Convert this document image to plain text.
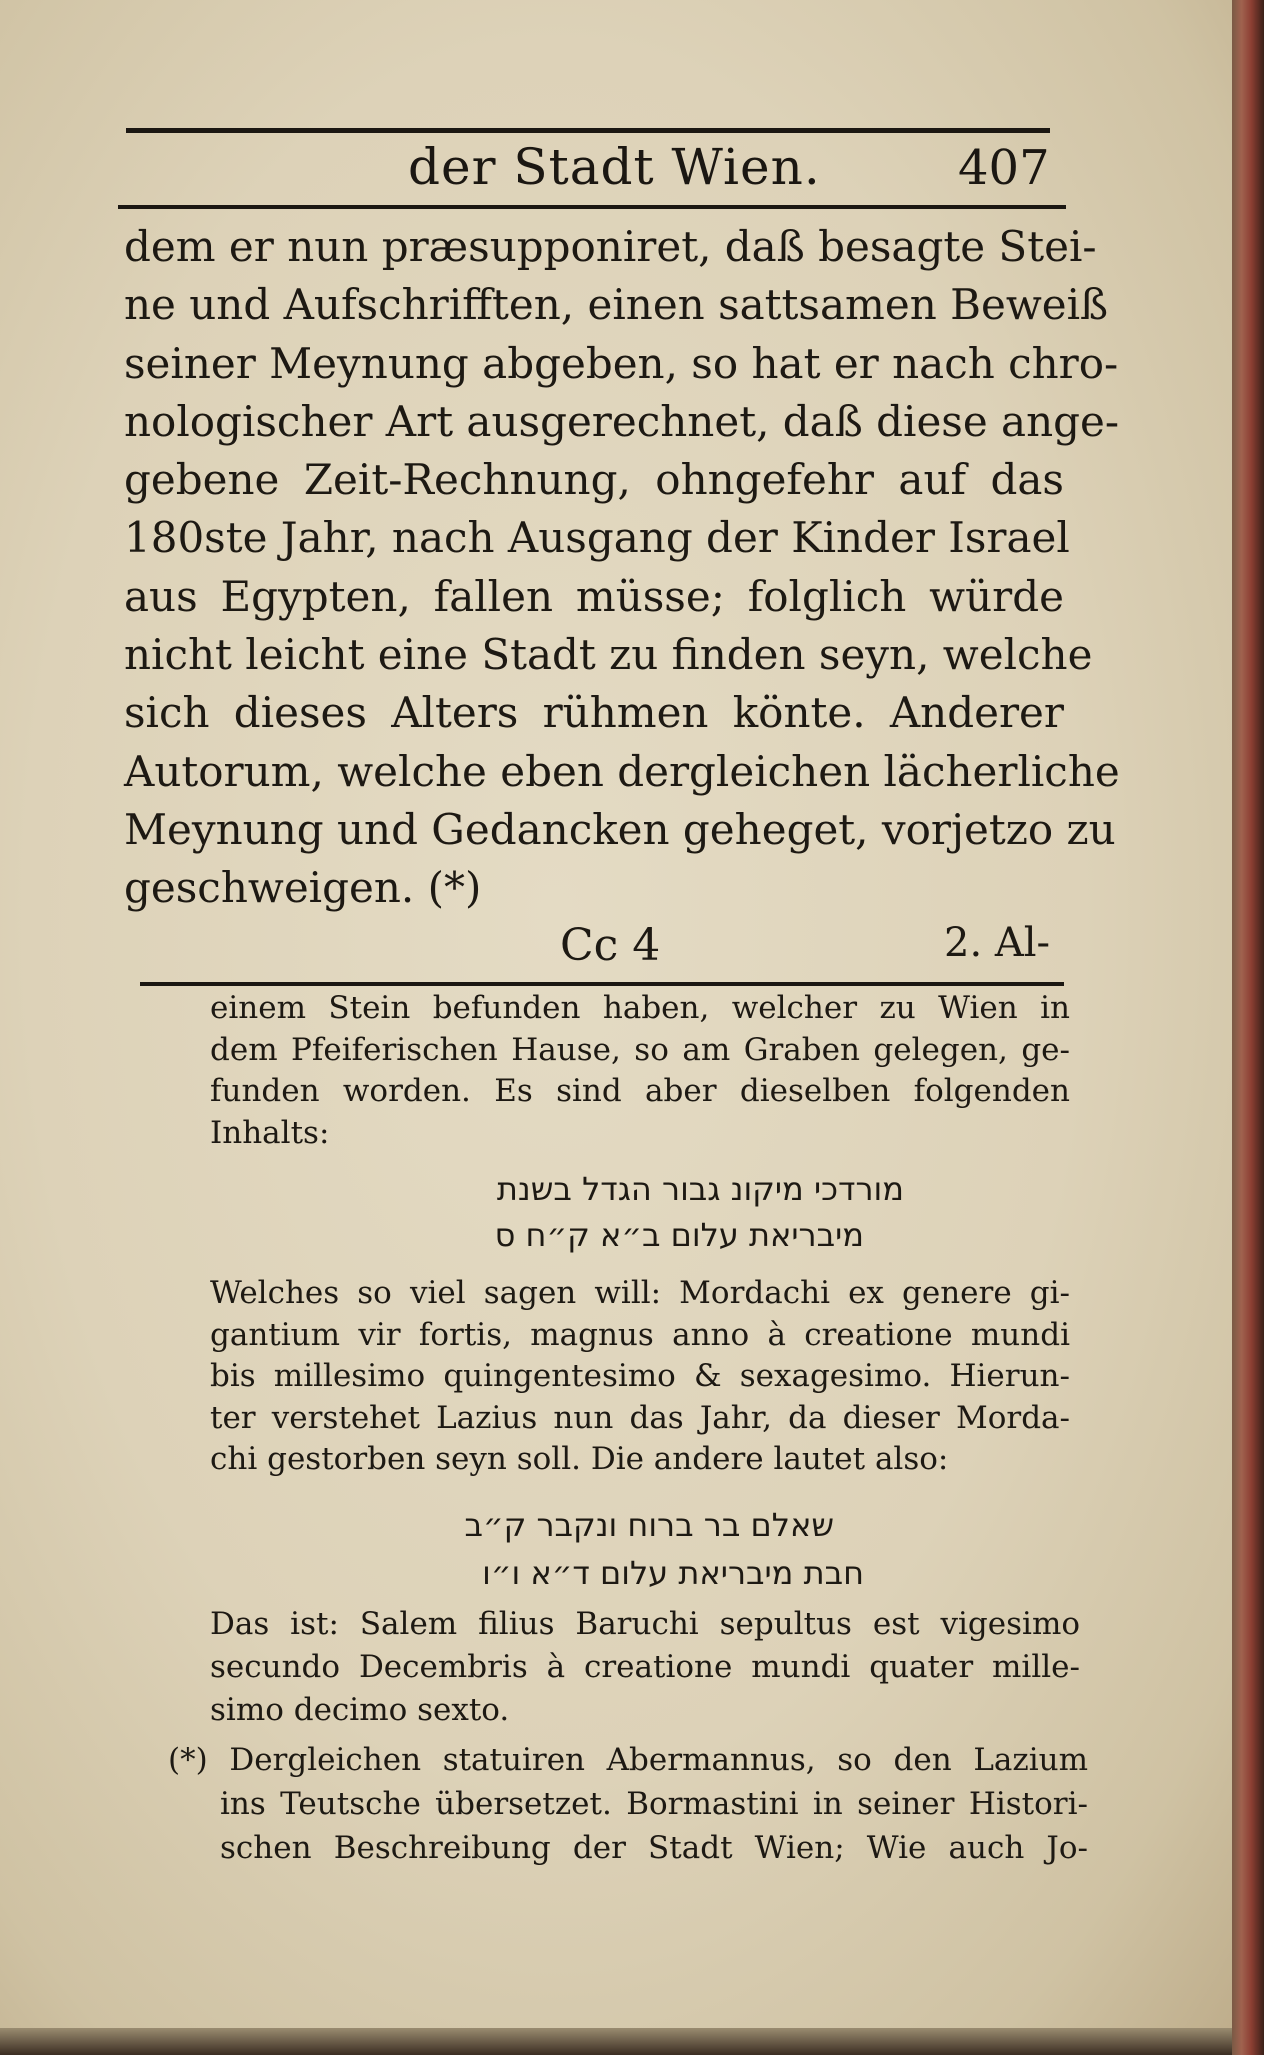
der Stadt Wien.	407
dem er nun præsupponiret, daß besagte Stei-
ne und Aufschrifften, einen sattsamen Beweiß
seiner Meynung abgeben, so hat er nach chro-
nologischer Art ausgerechnet, daß diese ange-
gebene Zeit-Rechnung, ohngefehr auf das
180ste Jahr, nach Ausgang der Kinder Israel
aus Egypten, fallen müsse; folglich würde
nicht leicht eine Stadt zu finden seyn, welche
sich dieses Alters rühmen könte. Anderer
Autorum, welche eben dergleichen lächerliche
Meynung und Gedancken geheget, vorjetzo zu
geschweigen. (*)
Cc 4	2. Al-
einem Stein befunden haben, welcher zu Wien in
dem Pfeiferischen Hause, so am Graben gelegen, ge-
funden worden. Es sind aber dieselben folgenden
Inhalts:
מורדכי מיקונ גבור הגדל בשנת
מיבריאת עלום ב״א ק״ח ס
Welches so viel sagen will: Mordachi ex genere gi-
gantium vir fortis, magnus anno à creatione mundi
bis millesimo quingentesimo & sexagesimo. Hierun-
ter verstehet Lazius nun das Jahr, da dieser Morda-
chi gestorben seyn soll. Die andere lautet also:
שאלם בר ברוח ונקבר ק״ב
חבת מיבריאת עלום ד״א ו״ו
Das ist: Salem filius Baruchi sepultus est vigesimo
secundo Decembris à creatione mundi quater mille-
simo decimo sexto.
(*) Dergleichen statuiren Abermannus, so den Lazium
ins Teutsche übersetzet. Bormastini in seiner Histori-
schen Beschreibung der Stadt Wien; Wie auch Jo-
